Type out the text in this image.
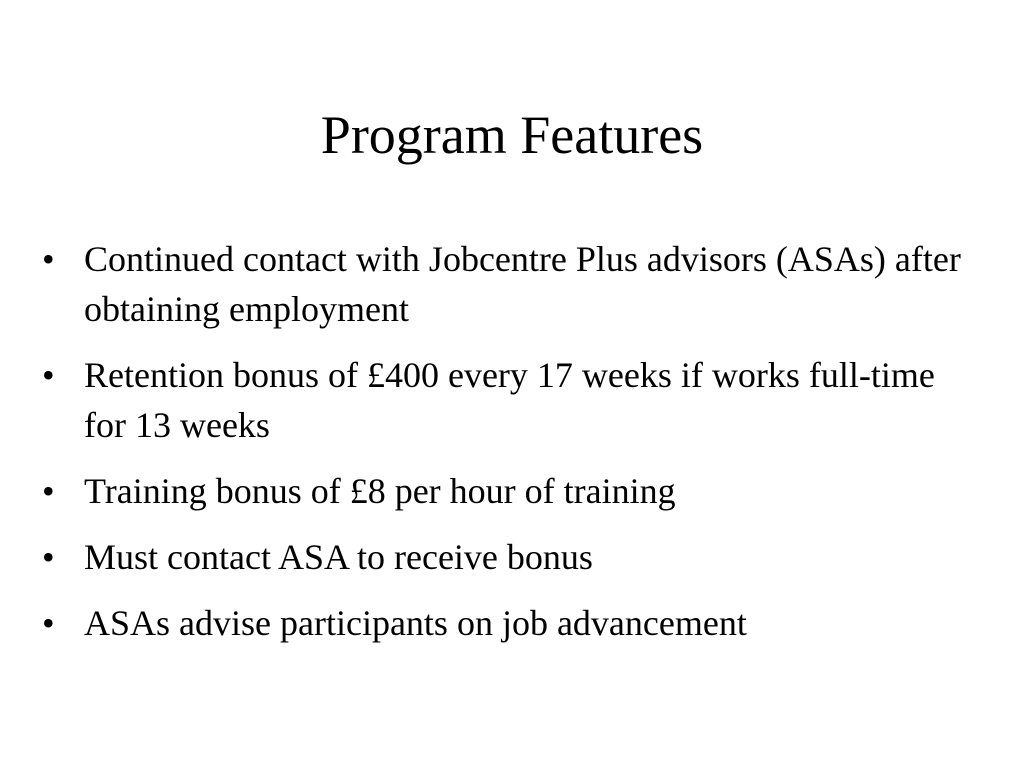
Program Features
• Continued contact with Jobcentre Plus advisors (ASAs) after obtaining employment
• Retention bonus of £400 every 17 weeks if works full-time for 13 weeks
• Training bonus of £8 per hour of training
• Must contact ASA to receive bonus
• ASAs advise participants on job advancement
